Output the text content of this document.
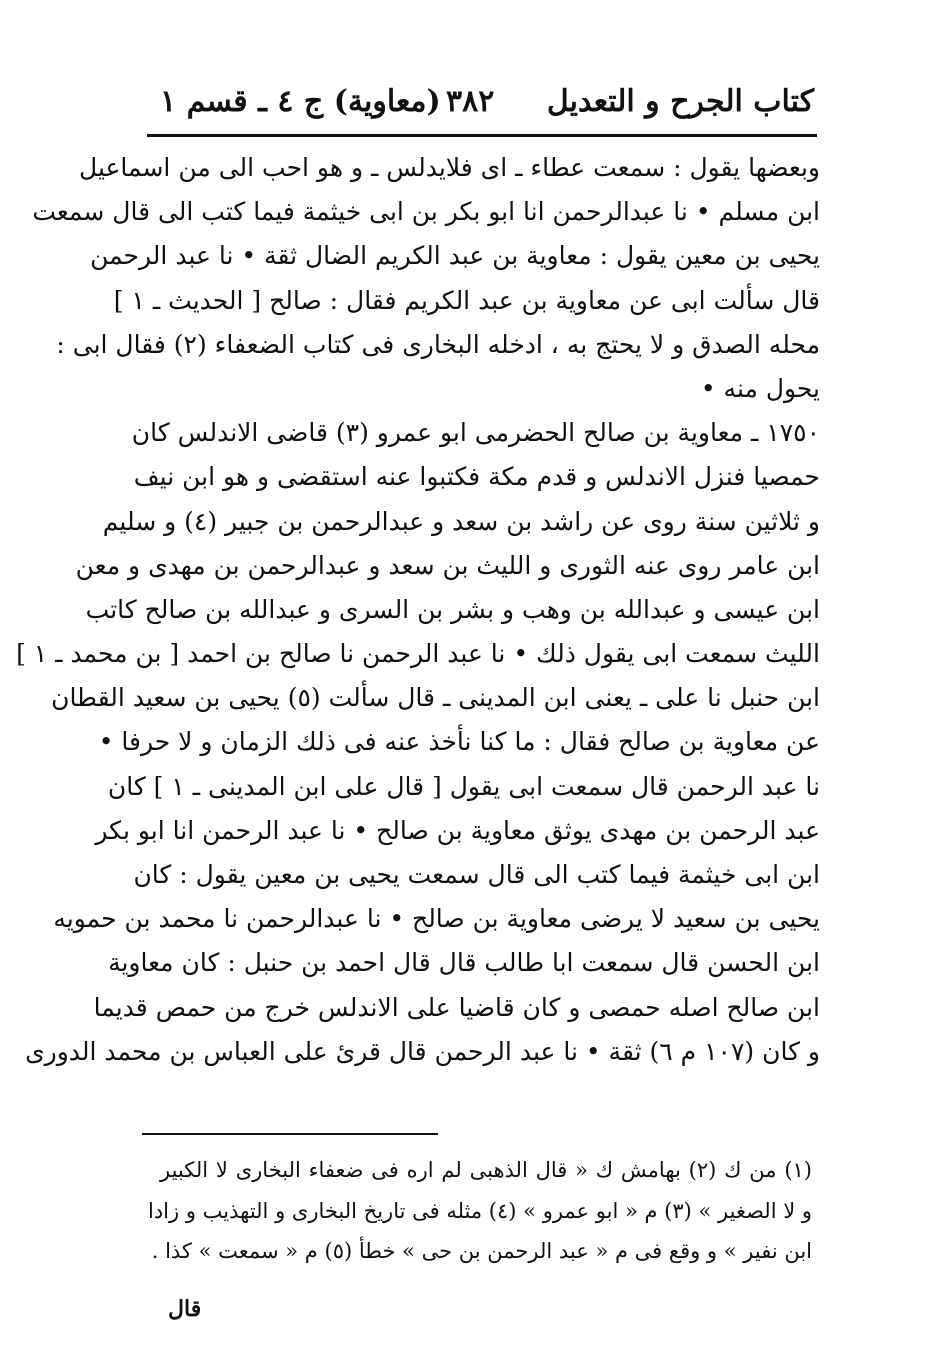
كتاب الجرح و التعديل
٣٨٢
(معاوية) ج ٤ ـ قسم ١
وبعضها يقول : سمعت عطاء ـ اى فلايدلس ـ و هو احب الى من اسماعيل
ابن مسلم • نا عبدالرحمن انا ابو بكر بن ابى خيثمة فيما كتب الى قال سمعت
يحيى بن معين يقول : معاوية بن عبد الكريم الضال ثقة • نا عبد الرحمن
قال سألت ابى عن معاوية بن عبد الكريم فقال : صالح [ الحديث ـ ١ ]
محله الصدق و لا يحتج به ، ادخله البخارى فى كتاب الضعفاء (٢) فقال ابى :
يحول منه •
١٧٥٠ ـ معاوية بن صالح الحضرمى ابو عمرو (٣) قاضى الاندلس كان
حمصيا فنزل الاندلس و قدم مكة فكتبوا عنه استقضى و هو ابن نيف
و ثلاثين سنة روى عن راشد بن سعد و عبدالرحمن بن جبير (٤) و سليم
ابن عامر روى عنه الثورى و الليث بن سعد و عبدالرحمن بن مهدى و معن
ابن عيسى و عبدالله بن وهب و بشر بن السرى و عبدالله بن صالح كاتب
الليث سمعت ابى يقول ذلك • نا عبد الرحمن نا صالح بن احمد [ بن محمد ـ ١ ]
ابن حنبل نا على ـ يعنى ابن المدينى ـ قال سألت (٥) يحيى بن سعيد القطان
عن معاوية بن صالح فقال : ما كنا نأخذ عنه فى ذلك الزمان و لا حرفا •
نا عبد الرحمن قال سمعت ابى يقول [ قال على ابن المدينى ـ ١ ] كان
عبد الرحمن بن مهدى يوثق معاوية بن صالح • نا عبد الرحمن انا ابو بكر
ابن ابى خيثمة فيما كتب الى قال سمعت يحيى بن معين يقول : كان
يحيى بن سعيد لا يرضى معاوية بن صالح • نا عبدالرحمن نا محمد بن حمويه
ابن الحسن قال سمعت ابا طالب قال قال احمد بن حنبل : كان معاوية
ابن صالح اصله حمصى و كان قاضيا على الاندلس خرج من حمص قديما
و كان (١٠٧ م ٦) ثقة • نا عبد الرحمن قال قرئ على العباس بن محمد الدورى
(١) من ك (٢) بهامش ك « قال الذهبى لم اره فى ضعفاء البخارى لا الكبير
و لا الصغير » (٣) م « ابو عمرو » (٤) مثله فى تاريخ البخارى و التهذيب و زادا
ابن نفير » و وقع فى م « عبد الرحمن بن حى » خطأ (٥) م « سمعت » كذا .
قال
